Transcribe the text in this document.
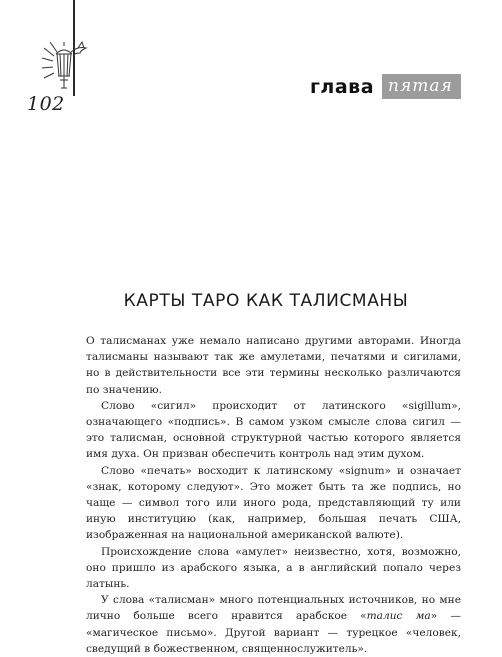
102
глава пятая
КАРТЫ ТАРО КАК ТАЛИСМАНЫ

О талисманах уже немало написано другими авторами. Иногда талисманы называют так же амулетами, печатями и сигилами, но в действительности все эти термины несколько различаются по значению.

Слово «сигил» происходит от латинского «sigillum», означающего «подпись». В самом узком смысле слова сигил — это талисман, основной структурной частью которого является имя духа. Он призван обеспечить контроль над этим духом.

Слово «печать» восходит к латинскому «signum» и означает «знак, которому следуют». Это может быть та же подпись, но чаще — символ того или иного рода, представляющий ту или иную институцию (как, например, большая печать США, изображенная на национальной американской валюте).

Происхождение слова «амулет» неизвестно, хотя, возможно, оно пришло из арабского языка, а в английский попало через латынь.

У слова «талисман» много потенциальных источников, но мне лично больше всего нравится арабское «талис ма» — «магическое письмо». Другой вариант — турецкое «человек, сведущий в божественном, священнослужитель».
